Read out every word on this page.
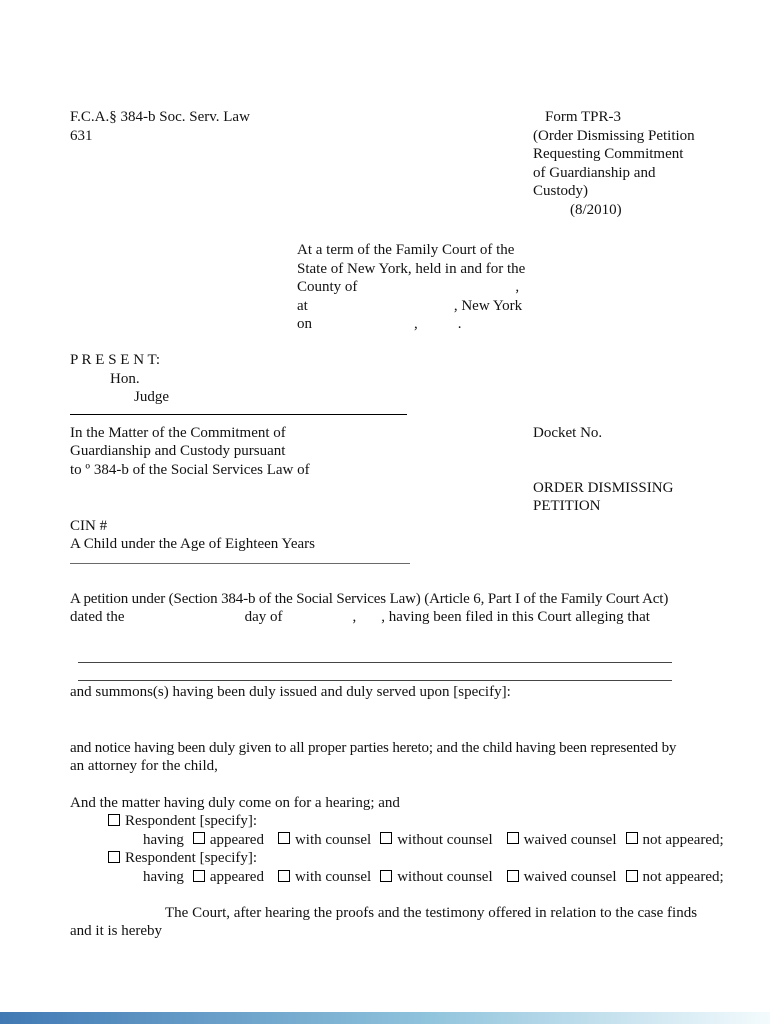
F.C.A.§ 384-b Soc. Serv. Law
631
Form TPR-3
(Order Dismissing Petition
Requesting Commitment
of Guardianship and
Custody)
(8/2010)
At a term of the Family Court of the
State of New York, held in and for the
County of	,
at	, New York
on	,	.
P R E S E N T:
Hon.
Judge
In the Matter of the Commitment of
Guardianship and Custody pursuant
to º 384-b of the Social Services Law of
CIN #
A Child under the Age of Eighteen Years
Docket No.
ORDER DISMISSING
PETITION
A petition under (Section 384-b of the Social Services Law) (Article 6, Part I of the Family Court Act)
dated the	day of	, , having been filed in this Court alleging that
and summons(s) having been duly issued and duly served upon [specify]:
and notice having been duly given to all proper parties hereto; and the child having been represented by
an attorney for the child,
And the matter having duly come on for a hearing; and
Respondent [specify]:
having appeared with counsel without counsel waived counsel not appeared;
Respondent [specify]:
having appeared with counsel without counsel waived counsel not appeared;
The Court, after hearing the proofs and the testimony offered in relation to the case finds
and it is hereby
